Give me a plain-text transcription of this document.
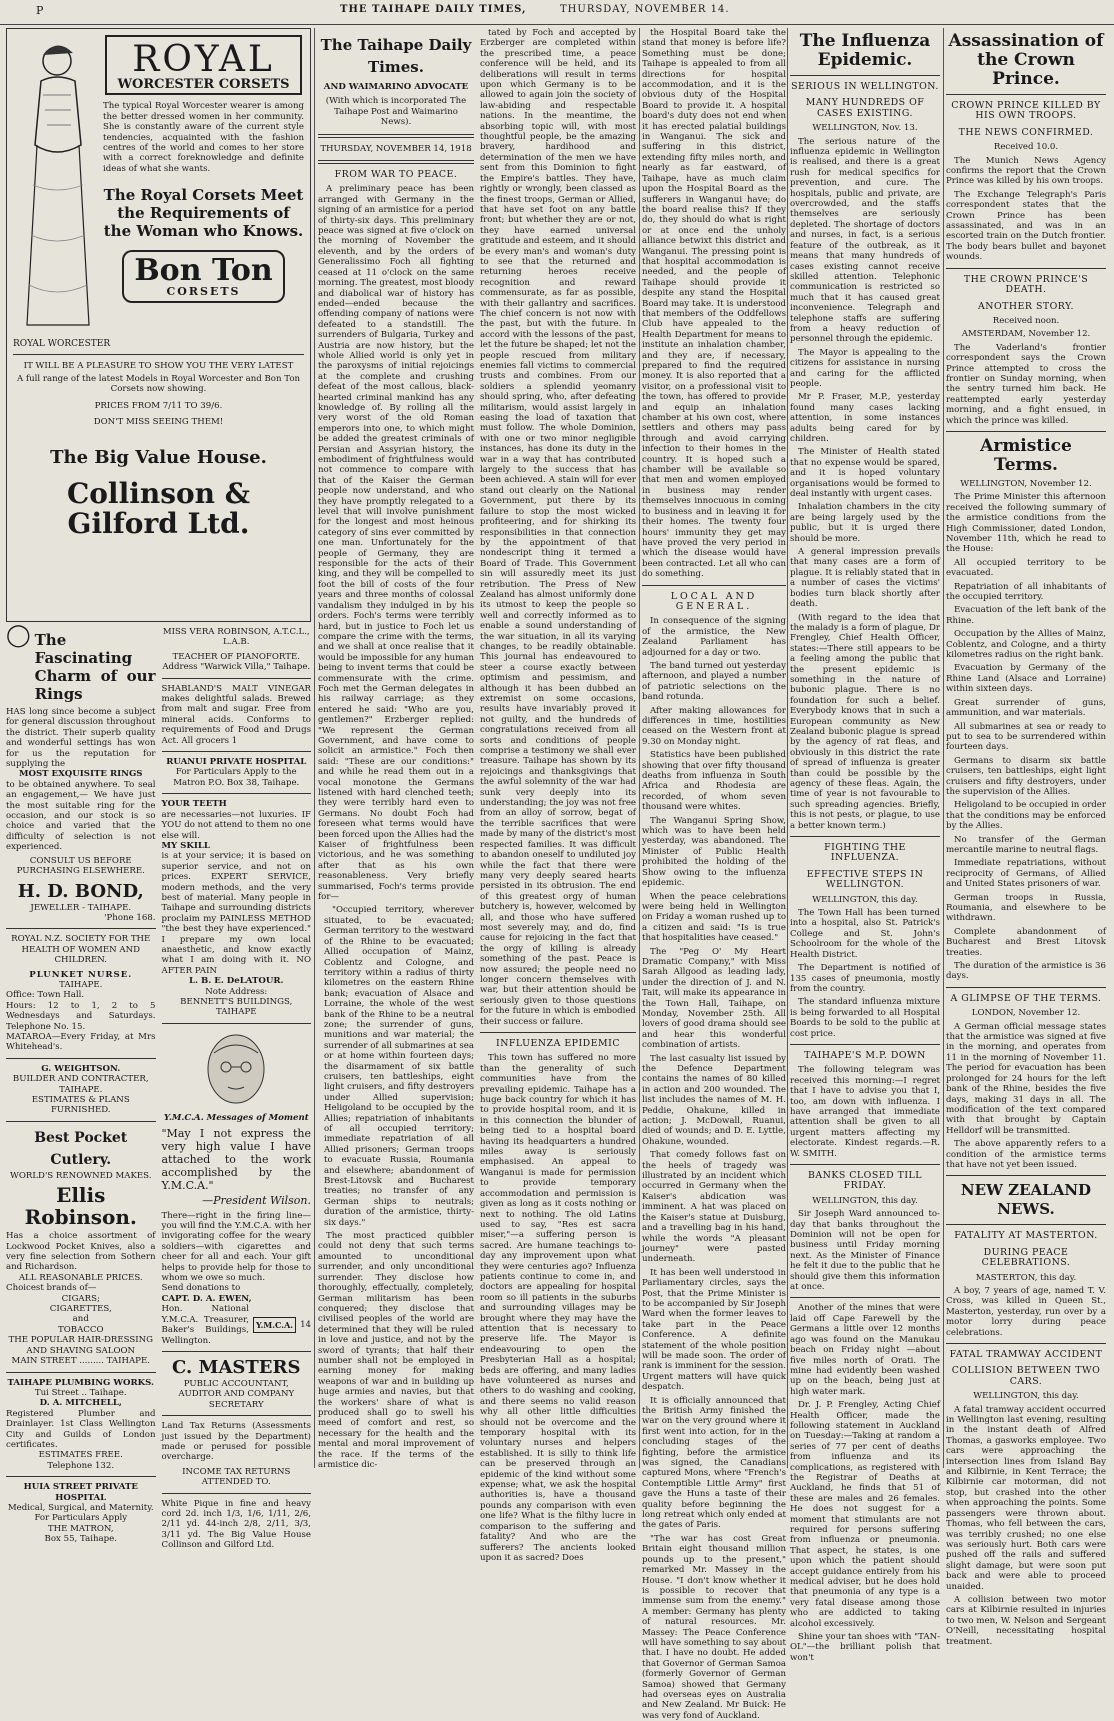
P	THE TAIHAPE DAILY TIMES,	THURSDAY, NOVEMBER 14.
ROYAL
WORCESTER CORSETS
The typical Royal Worcester wearer is among the better dressed women in her community. She is constantly aware of the current style tendencies, acquainted with the fashion centres of the world and comes to her store with a correct foreknowledge and definite ideas of what she wants.
The Royal Corsets Meet the Requirements of the Woman who Knows.
Bon Ton
CORSETS
ROYAL WORCESTER
IT WILL BE A PLEASURE TO SHOW YOU THE VERY LATEST
A full range of the latest Models in Royal Worcester and Bon Ton Corsets now showing.
PRICES FROM 7/11 TO 39/6.
DON'T MISS SEEING THEM!
The Big Value House.
Collinson & Gilford Ltd.
◯ The Fascinating Charm of our Rings
HAS long since become a subject for general discussion throughout the district. Their superb quality and wonderful settings has won for us the reputation for supplying the
MOST EXQUISITE RINGS
to be obtained anywhere. To seal an engagement,— We have just the most suitable ring for the occasion, and our stock is so choice and varied that the difficulty of selection is not experienced.
CONSULT US BEFORE PURCHASING ELSEWHERE.
H. D. BOND,
JEWELLER - TAIHAPE.
'Phone 168.
ROYAL N.Z. SOCIETY FOR THE HEALTH OF WOMEN AND CHILDREN.
PLUNKET NURSE.
TAIHAPE.
Office: Town Hall.
Hours: 12 to 1, 2 to 5 Wednesdays and Saturdays. Telephone No. 15.
MATAROA—Every Friday, at Mrs Whitehead's.
G. WEIGHTSON.
BUILDER AND CONTRACTER,
TAIHAPE.
ESTIMATES & PLANS FURNISHED.
Best Pocket Cutlery.
WORLD'S RENOWNED MAKES.
Ellis Robinson.
Has a choice assortment of Lockwood Pocket Knives, also a very fine selection from Sothern and Richardson.
ALL REASONABLE PRICES.
Choicest brands of—
CIGARS;
CIGARETTES,
and
TOBACCO
THE POPULAR HAIR-DRESSING AND SHAVING SALOON
MAIN STREET ......... TAIHAPE.
TAIHAPE PLUMBING WORKS.
Tui Street .. Taihape.
D. A. MITCHELL,
Registered Plumber and Drainlayer. 1st Class Wellington City and Guilds of London certificates.
ESTIMATES FREE.
Telephone 132.
HUIA STREET PRIVATE HOSPITAL
Medical, Surgical, and Maternity.
For Particulars Apply
THE MATRON,
Box 55, Taihape.
MISS VERA ROBINSON, A.T.C.L., L.A.B.
TEACHER OF PIANOFORTE.
Address "Warwick Villa," Taihape.
SHABLAND'S MALT VINEGAR makes delightful salads. Brewed from malt and sugar. Free from mineral acids. Conforms to requirements of Food and Drugs Act. All grocers 1
RUANUI PRIVATE HOSPITAL
For Particulars Apply to the Matron P.O. Box 38, Taihape.
YOUR TEETH
are necessaries—not luxuries. IF YOU do not attend to them no one else will.
MY SKILL
is at your service; it is based on superior service, and not on prices. EXPERT SERVICE, modern methods, and the very best of material. Many people in Taihape and surrounding districts proclaim my PAINLESS METHOD "the best they have experienced." I prepare my own local anaesthetic, and know exactly what I am doing with it. NO AFTER PAIN
L. B. E. DeLATOUR.
Note Address:
BENNETT'S BUILDINGS, TAIHAPE
Y.M.C.A. Messages of Moment
"May I not express the very high value I have attached to the work accomplished by the Y.M.C.A."
—President Wilson.
There—right in the firing line—you will find the Y.M.C.A. with her invigorating coffee for the weary soldiers—with cigarettes and cheer for all and each. Your gift helps to provide help for those to whom we owe so much.
Send donations to
CAPT. D. A. EWEN,
Hon. National Y.M.C.A. Treasurer, Baker's Buildings, Wellington.
Y.M.C.A. 14
C. MASTERS
PUBLIC ACCOUNTANT, AUDITOR AND COMPANY SECRETARY
Land Tax Returns (Assessments just issued by the Department) made or perused for possible overcharge.
INCOME TAX RETURNS ATTENDED TO.
White Pique in fine and heavy cord 2d. inch 1/3, 1/6, 1/11, 2/6, 2/11 yd. 44-inch 2/8, 2/11, 3/3, 3/11 yd. The Big Value House Collinson and Gilford Ltd.
The Taihape Daily Times.
AND WAIMARINO ADVOCATE
(With which is incorporated The Taihape Post and Waimarino News).
THURSDAY, NOVEMBER 14, 1918
FROM WAR TO PEACE.

A preliminary peace has been arranged with Germany in the signing of an armistice for a period of thirty-six days. This preliminary peace was signed at five o'clock on the morning of November the eleventh, and by the orders of Generalissimo Foch all fighting ceased at 11 o'clock on the same morning. The greatest, most bloody and diabolical war of history has ended—ended because the offending company of nations were defeated to a standstill. The surrenders of Bulgaria, Turkey and Austria are now history, but the whole Allied world is only yet in the paroxysms of initial rejoicings at the complete and crushing defeat of the most callous, black-hearted criminal mankind has any knowledge of. By rolling all the very worst of the old Roman emperors into one, to which might be added the greatest criminals of Persian and Assyrian history, the embodiment of frightfulness would not commence to compare with that of the Kaiser the German people now understand, and who they have promptly relegated to a level that will involve punishment for the longest and most heinous category of sins ever committed by one man. Unfortunately for the people of Germany, they are responsible for the acts of their king, and they will be compelled to foot the bill of costs of the four years and three months of colossal vandalism they indulged in by his orders. Foch's terms were terribly hard, but in justice to Foch let us compare the crime with the terms, and we shall at once realise that it would be impossible for any human being to invent terms that could be commensurate with the crime. Foch met the German delegates in his railway carriage; as they entered he said: "Who are you, gentlemen?" Erzberger replied: "We represent the German Government, and have come to solicit an armistice." Foch then said: "These are our conditions:" and while he read them out in a vocal monotone the Germans listened with hard clenched teeth; they were terribly hard even to Germans. No doubt Foch had foreseen what terms would have been forced upon the Allies had the Kaiser of frightfulness been victorious, and he was something after that as his own reasonableness. Very briefly summarised, Foch's terms provide for—

"Occupied territory, wherever situated, to be evacuated; German territory to the westward of the Rhine to be evacuated; Allied occupation of Mainz, Coblentz and Cologne, and territory within a radius of thirty kilometres on the eastern Rhine bank; evacuation of Alsace and Lorraine, the whole of the west bank of the Rhine to be a neutral zone; the surrender of guns, munitions and war material; the surrender of all submarines at sea or at home within fourteen days; the disarmament of six battle cruisers, ten battleships, eight light cruisers, and fifty destroyers under Allied supervision; Heligoland to be occupied by the Allies; repatriation of inhabitants of all occupied territory; immediate repatriation of all Allied prisoners; German troops to evacuate Russia, Roumania and elsewhere; abandonment of Brest-Litovsk and Bucharest treaties; no transfer of any German ships to neutrals; duration of the armistice, thirty-six days."

The most practiced quibbler could not deny that such terms amounted to unconditional surrender, and only unconditional surrender. They disclose how thoroughly, effectually, completely, German militarism has been conquered; they disclose that civilised peoples of the world are determined that they will be ruled in love and justice, and not by the sword of tyrants; that half their number shall not be employed in earning money for making weapons of war and in building up huge armies and navies, but that the workers' share of what is produced shall go to swell his meed of comfort and rest, so necessary for the health and the mental and moral improvement of the race. If the terms of the armistice dic-

tated by Foch and accepted by Erzberger are completed within the prescribed time, a peace conference will be held, and its deliberations will result in terms upon which Germany is to be allowed to again join the society of law-abiding and respectable nations. In the meantime, the absorbing topic will, with most thoughtful people, be the amazing bravery, hardihood and determination of the men we have sent from this Dominion to fight the Empire's battles. They have, rightly or wrongly, been classed as the finest troops, German or Allied, that have set foot on any battle front; but whether they are or not, they have earned universal gratitude and esteem, and it should be every man's and woman's duty to see that the returned and returning heroes receive recognition and reward commensurate, as far as possible, with their gallantry and sacrifices. The chief concern is not now with the past, but with the future. In accord with the lessons of the past, let the future be shaped; let not the people rescued from military enemies fall victims to commercial trusts and combines. From our soldiers a splendid yeomanry should spring, who, after defeating militarism, would assist largely in easing the load of taxation that must follow. The whole Dominion, with one or two minor negligible instances, has done its duty in the war in a way that has contributed largely to the success that has been achieved. A stain will for ever stand out clearly on the National Government, put there by its failure to stop the most wicked profiteering, and for shirking its responsibilities in that connection by the appointment of that nondescript thing it termed a Board of Trade. This Government sin will assuredly meet its just retribution. The Press of New Zealand has almost uniformly done its utmost to keep the people so well and correctly informed as to enable a sound understanding of the war situation, in all its varying changes, to be readily obtainable. This journal has endeavoured to steer a course exactly between optimism and pessimism, and although it has been dubbed an extremist on some occasions, results have invariably proved it not guilty, and the hundreds of congratulations received from all sorts and conditions of people comprise a testimony we shall ever treasure. Taihape has shown by its rejoicings and thanksgivings that the awful solemnity of the war had sunk very deeply into its understanding; the joy was not free from an alloy of sorrow, begat of the terrible sacrifices that were made by many of the district's most respected families. It was difficult to abandon oneself to undiluted joy while the fact that there were many very deeply seared hearts persisted in its obtrusion. The end of this greatest orgy of human butchery is, however, welcomed by all, and those who have suffered most severely may, and do, find cause for rejoicing in the fact that the orgy of killing is already something of the past. Peace is now assured; the people need no longer concern themselves with war, but their attention should be seriously given to those questions for the future in which is embodied their success or failure.

INFLUENZA EPIDEMIC

This town has suffered no more than the generality of such communities have from the prevailing epidemic. Taihape has a huge back country for which it has to provide hospital room, and it is in this connection the blunder of being tied to a hospital board having its headquarters a hundred miles away is seriously emphasised. An appeal to Wanganui is made for permission to provide temporary accommodation and permission is given as long as it costs nothing or next to nothing. The old Latins used to say, "Res est sacra miser,"—a suffering person is sacred. Are humane teachings to-day any improvement upon what they were centuries ago? Influenza patients continue to come in, and doctors are appealing for hospital room so ill patients in the suburbs and surrounding villages may be brought where they may have the attention that is necessary to preserve life. The Mayor is endeavouring to open the Presbyterian Hall as a hospital; beds are offering, and many ladies have volunteered as nurses and others to do washing and cooking, and there seems no valid reason why all other little difficulties should not be overcome and the temporary hospital with its voluntary nurses and helpers established. It is silly to think life can be preserved through an epidemic of the kind without some expense; what, we ask the hospital authorities is, have a thousand pounds any comparison with even one life? What is the filthy lucre in comparison to the suffering and fatality? And who are the sufferers? The ancients looked upon it as sacred? Does

the Hospital Board take the stand that money is before life? Something must be done; Taihape is appealed to from all directions for hospital accommodation, and it is the obvious duty of the Hospital Board to provide it. A hospital board's duty does not end when it has erected palatial buildings in Wanganui. The sick and suffering in this district, extending fifty miles north, and nearly as far eastward, of Taihape, have as much claim upon the Hospital Board as the sufferers in Wanganui have; do the board realise this? If they do, they should do what is right or at once end the unholy alliance betwixt this district and Wanganui. The pressing point is that hospital accommodation is needed, and the people of Taihape should provide it despite any stand the Hospital Board may take. It is understood that members of the Oddfellows Club have appealed to the Health Department for means to institute an inhalation chamber, and they are, if necessary, prepared to find the required money. It is also reported that a visitor, on a professional visit to the town, has offered to provide and equip an inhalation chamber at his own cost, where settlers and others may pass through and avoid carrying infection to their homes in the country. It is hoped such a chamber will be available so that men and women employed in business may render themselves innocuous in coming to business and in leaving it for their homes. The twenty four hours' immunity they get may have proved the very period in which the disease would have been contracted. Let all who can do something.

LOCAL AND GENERAL.

In consequence of the signing of the armistice, the New Zealand Parliament has adjourned for a day or two.

The band turned out yesterday afternoon, and played a number of patriotic selections on the band rotunda.

After making allowances for differences in time, hostilities ceased on the Western front at 9.30 on Monday night.

Statistics have been published showing that over fifty thousand deaths from influenza in South Africa and Rhodesia are recorded, of whom seven thousand were whites.

The Wanganui Spring Show, which was to have been held yesterday, was abandoned. The Minister of Public Health prohibited the holding of the Show owing to the influenza epidemic.

When the peace celebrations were being held in Wellington on Friday a woman rushed up to a citizen and said: "Is is true that hospitalities have ceased."

The "Peg O' My Heart Dramatic Company," with Miss Sarah Allgood as leading lady, under the direction of J. and N. Tait, will make its appearance in the Town Hall, Taihape, on Monday, November 25th. All lovers of good drama should see and hear this wonderful combination of artists.

The last casualty list issued by the Defence Department contains the names of 80 killed in action and 200 wounded. The list includes the names of M. H. Peddie, Ohakune, killed in action; J. McDowall, Ruanui, died of wounds; and D. E. Lyttle, Ohakune, wounded.

That comedy follows fast on the heels of tragedy was illustrated by an incident which occurred in Germany when the Kaiser's abdication was imminent. A hat was placed on the Kaiser's statue at Duisburg, and a travelling bag in his hand, while the words "A pleasant journey" were pasted underneath.

It has been well understood in Parliamentary circles, says the Post, that the Prime Minister is to be accompanied by Sir Joseph Ward when the former leaves to take part in the Peace Conference. A definite statement of the whole position will be made soon. The order of rank is imminent for the session. Urgent matters will have quick despatch.

It is officially announced that the British Army finished the war on the very ground where it first went into action, for in the concluding stages of the fighting, before the armistice was signed, the Canadians captured Mons, where "French's Contemptible Little Army" first gave the Huns a taste of their quality before beginning the long retreat which only ended at the gates of Paris.

"The war has cost Great Britain eight thousand million pounds up to the present," remarked Mr. Massey in the House. "I don't know whether it is possible to recover that immense sum from the enemy." A member: Germany has plenty of natural resources. Mr. Massey: The Peace Conference will have something to say about that. I have no doubt. He added that Governor of German Samoa (formerly Governor of German Samoa) showed that Germany had overseas eyes on Australia and New Zealand. Mr Buick: He was very fond of Auckland.

The Influenza Epidemic.
SERIOUS IN WELLINGTON.
MANY HUNDREDS OF CASES EXISTING.
WELLINGTON, Nov. 13.

The serious nature of the influenza epidemic in Wellington is realised, and there is a great rush for medical specifics for prevention, and cure. The hospitals, public and private, are overcrowded, and the staffs themselves are seriously depleted. The shortage of doctors and nurses, in fact, is a serious feature of the outbreak, as it means that many hundreds of cases existing cannot receive skilled attention. Telephonic communication is restricted so much that it has caused great inconvenience. Telegraph and telephone staffs are suffering from a heavy reduction of personnel through the epidemic.

The Mayor is appealing to the citizens for assistance in nursing and caring for the afflicted people.

Mr P. Fraser, M.P., yesterday found many cases lacking attention, in some instances adults being cared for by children.

The Minister of Health stated that no expense would be spared, and it is hoped voluntary organisations would be formed to deal instantly with urgent cases.

Inhalation chambers in the city are being largely used by the public, but it is urged there should be more.

A general impression prevails that many cases are a form of plague. It is reliably stated that in a number of cases the victims' bodies turn black shortly after death.

(With regard to the idea that the malady is a form of plague, Dr Frengley, Chief Health Officer, states:—There still appears to be a feeling among the public that the present epidemic is something in the nature of bubonic plague. There is no foundation for such a belief. Everybody knows that in such a European community as New Zealand bubonic plague is spread by the agency of rat fleas, and obviously in this district the rate of spread of influenza is greater than could be possible by the agency of these fleas. Again, the time of year is not favourable to such spreading agencies. Briefly, this is not pests, or plague, to use a better known term.)

FIGHTING THE INFLUENZA.
EFFECTIVE STEPS IN WELLINGTON.
WELLINGTON, this day.

The Town Hall has been turned into a hospital, also St. Patrick's College and St. John's Schoolroom for the whole of the Health District.

The Department is notified of 135 cases of pneumonia, mostly from the country.

The standard influenza mixture is being forwarded to all Hospital Boards to be sold to the public at cost price.

TAIHAPE'S M.P. DOWN

The following telegram was received this morning:—I regret that I have to advise you that I, too, am down with influenza. I have arranged that immediate attention shall be given to all urgent matters affecting my electorate. Kindest regards.—R. W. SMITH.

BANKS CLOSED TILL FRIDAY.
WELLINGTON, this day.

Sir Joseph Ward announced to-day that banks throughout the Dominion will not be open for business until Friday morning next. As the Minister of Finance he felt it due to the public that he should give them this information at once.

Another of the mines that were laid off Cape Farewell by the Germans a little over 12 months ago was found on the Manukau beach on Friday night —about five miles north of Orati. The mine had evidently been washed up on the beach, being just at high water mark.

Dr. J. P. Frengley, Acting Chief Health Officer, made the following statement in Auckland on Tuesday:—Taking at random a series of 77 per cent of deaths from influenza and its complications, as registered with the Registrar of Deaths at Auckland, he finds that 51 of these are males and 26 females. He does not suggest for a moment that stimulants are not required for persons suffering from influenza or pneumonia. That aspect, he states, is one upon which the patient should accept guidance entirely from his medical adviser, but he does hold that pneumonia of any type is a very fatal disease among those who are addicted to taking alcohol excessively.

Shine your tan shoes with "TAN-OL"—the brilliant polish that won't

Assassination of the Crown Prince.
CROWN PRINCE KILLED BY HIS OWN TROOPS.
THE NEWS CONFIRMED.
Received 10.0.

The Munich News Agency confirms the report that the Crown Prince was killed by his own troops.

The Exchange Telegraph's Paris correspondent states that the Crown Prince has been assassinated, and was in an escorted train on the Dutch frontier. The body bears bullet and bayonet wounds.

THE CROWN PRINCE'S DEATH.
ANOTHER STORY.
Received noon.
AMSTERDAM, November 12.

The Vaderland's frontier correspondent says the Crown Prince attempted to cross the frontier on Sunday morning, when the sentry turned him back. He reattempted early yesterday morning, and a fight ensued, in which the prince was killed.

Armistice Terms.
WELLINGTON, November 12.

The Prime Minister this afternoon received the following summary of the armistice conditions from the High Commissioner, dated London, November 11th, which he read to the House:

All occupied territory to be evacuated.

Repatriation of all inhabitants of the occupied territory.

Evacuation of the left bank of the Rhine.

Occupation by the Allies of Mainz, Coblentz, and Cologne, and a thirty kilometres radius on the right bank.

Evacuation by Germany of the Rhine Land (Alsace and Lorraine) within sixteen days.

Great surrender of guns, ammunition, and war materials.

All submarines at sea or ready to put to sea to be surrendered within fourteen days.

Germans to disarm six battle cruisers, ten battleships, eight light cruisers and fifty destroyers, under the supervision of the Allies.

Heligoland to be occupied in order that the conditions may be enforced by the Allies.

No transfer of the German mercantile marine to neutral flags.

Immediate repatriations, without reciprocity of Germans, of Allied and United States prisoners of war.

German troops in Russia, Roumania, and elsewhere to be withdrawn.

Complete abandonment of Bucharest and Brest Litovsk treaties.

The duration of the armistice is 36 days.

A GLIMPSE OF THE TERMS.
LONDON, November 12.

A German official message states that the armistice was signed at five in the morning, and operates from 11 in the morning of November 11. The period for evacuation has been prolonged for 24 hours for the left bank of the Rhine, besides the five days, making 31 days in all. The modification of the text compared with that brought by Captain Helldorf will be transmitted.

The above apparently refers to a condition of the armistice terms that have not yet been issued.

NEW ZEALAND NEWS.
FATALITY AT MASTERTON.
DURING PEACE CELEBRATIONS.
MASTERTON, this day.

A boy, 7 years of age, named T. V. Cross, was killed in Queen St., Masterton, yesterday, run over by a motor lorry during peace celebrations.

FATAL TRAMWAY ACCIDENT
COLLISION BETWEEN TWO CARS.
WELLINGTON, this day.

A fatal tramway accident occurred in Wellington last evening, resulting in the instant death of Alfred Thomas, a gasworks employee. Two cars were approaching the intersection lines from Island Bay and Kilbirnie, in Kent Terrace; the Kilbirnie car motorman, did not stop, but crashed into the other when approaching the points. Some passengers were thrown about. Thomas, who fell between the cars, was terribly crushed; no one else was seriously hurt. Both cars were pushed off the rails and suffered slight damage, but were soon put back and were able to proceed unaided.

A collision between two motor cars at Kilbirnie resulted in injuries to two men, W. Nelson and Sergeant O'Neill, necessitating hospital treatment.
